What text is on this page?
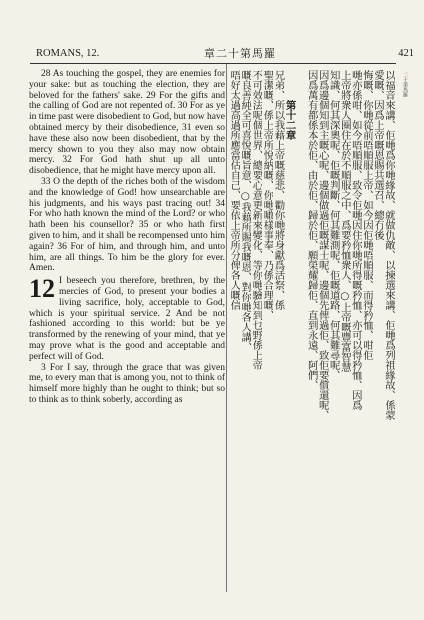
ROMANS, 12.	章二十第馬羅	421

28 As touching the gospel, they are enemies for your sake: but as touching the election, they are beloved for the fathers' sake. 29 For the gifts and the calling of God are not repented of. 30 For as ye in time past were disobedient to God, but now have obtained mercy by their disobedience, 31 even so have these also now been disobedient, that by the mercy shown to you they also may now obtain mercy. 32 For God hath shut up all unto disobedience, that he might have mercy upon all.

33 O the depth of the riches both of the wisdom and the knowledge of God! how unsearchable are his judgments, and his ways past tracing out! 34 For who hath known the mind of the Lord? or who hath been his counsellor? 35 or who hath first given to him, and it shall be recompensed unto him again? 36 For of him, and through him, and unto him, are all things. To him be the glory for ever. Amen.

12 I beseech you therefore, brethren, by the mercies of God, to present your bodies a living sacrifice, holy, acceptable to God, which is your spiritual service. 2 And be not fashioned according to this world: but be ye transformed by the renewing of your mind, that ye may prove what is the good and acceptable and perfect will of God.

3 For I say, through the grace that was given me, to every man that is among you, not to think of himself more highly than he ought to think; but so to think as to think soberly, according as	以福音來講、佢哋爲你哋緣故、就做仇敵、以揀選來講、佢哋爲列祖緣故、係蒙
愛嘅、因爲上帝嘅恩賜共選召、總冇後
悔嘅、你哋從前唔順服上帝、如今因佢哋唔順服、而得矜恤、咁佢
哋亦係咁、如今唔順服、致令佢哋因住你哋所得嘅矜恤、亦可以得矜恤、因爲
上帝將衆人圈住在於不順服之中、爲要矜恤衆人、○上帝嘅豐富智慧
知識、何其深奧呢、佢嘅判斷、何其難測呢、佢嘅道路、何其難尋呢、
因爲邊個知到主嘅心呢、邊個做過佢嘅謀士呢、邊個先俾過佢、致佢要償還呢、
因爲萬有都係本於佢、由於佢、歸於佢、願榮耀歸佢、直到永遠、阿們、
第十二章
兄弟、所以我藉上帝嘅慈悲、勸你哋將身獻爲活祭、係
聖潔嘅、係上帝所悅納嘅、你哋噉樣事奉、乃係合理嘅、
不可效法呢個世界、總要心意更新來變化、等你哋驗知到乜野係上帝
嘅良善純全可喜悅嘅旨意、○我藉所賜我嘅恩、對你哋各人講、
唔好太過高過所應當估自己、要依上帝所分俾各人嘅信	二十第馬羅
